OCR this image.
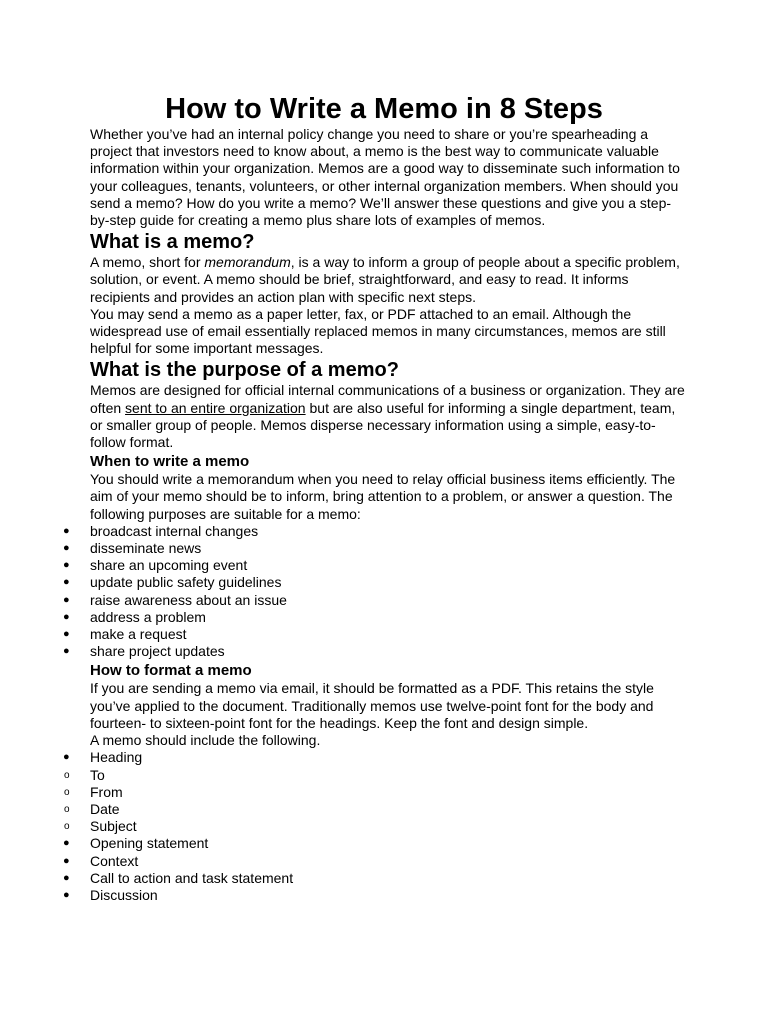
How to Write a Memo in 8 Steps

Whether you’ve had an internal policy change you need to share or you’re spearheading a project that investors need to know about, a memo is the best way to communicate valuable information within your organization. Memos are a good way to disseminate such information to your colleagues, tenants, volunteers, or other internal organization members. When should you send a memo? How do you write a memo? We’ll answer these questions and give you a step-by-step guide for creating a memo plus share lots of examples of memos.

What is a memo?

A memo, short for memorandum, is a way to inform a group of people about a specific problem, solution, or event. A memo should be brief, straightforward, and easy to read. It informs recipients and provides an action plan with specific next steps.

You may send a memo as a paper letter, fax, or PDF attached to an email. Although the widespread use of email essentially replaced memos in many circumstances, memos are still helpful for some important messages.

What is the purpose of a memo?

Memos are designed for official internal communications of a business or organization. They are often sent to an entire organization but are also useful for informing a single department, team, or smaller group of people. Memos disperse necessary information using a simple, easy-to-follow format.

When to write a memo

You should write a memorandum when you need to relay official business items efficiently. The aim of your memo should be to inform, bring attention to a problem, or answer a question. The following purposes are suitable for a memo:

● broadcast internal changes
● disseminate news
● share an upcoming event
● update public safety guidelines
● raise awareness about an issue
● address a problem
● make a request
● share project updates
How to format a memo

If you are sending a memo via email, it should be formatted as a PDF. This retains the style you’ve applied to the document. Traditionally memos use twelve-point font for the body and fourteen- to sixteen-point font for the headings. Keep the font and design simple.

A memo should include the following.

● Heading
o To
o From
o Date
o Subject
● Opening statement
● Context
● Call to action and task statement
● Discussion
